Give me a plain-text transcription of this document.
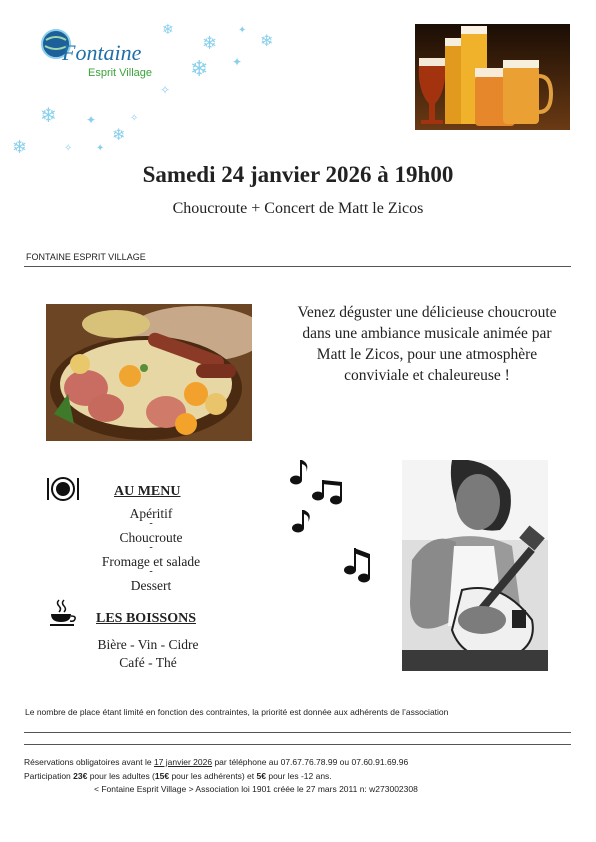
Fontaine
Esprit Village
❄
❄
✦
❄
❄ ✦
✧
❄ ✦
❄
❄	✧ ✦
✧
Samedi 24 janvier 2026 à 19h00
Choucroute + Concert de Matt le Zicos
FONTAINE ESPRIT VILLAGE
Venez déguster une délicieuse choucroute dans une ambiance musicale animée par Matt le Zicos, pour une atmosphère conviviale et chaleureuse !
AU MENU
Apéritif
-
Choucroute
-
Fromage et salade
-
Dessert
LES BOISSONS
Bière - Vin - Cidre
Café - Thé
Le nombre de place étant limité en fonction des contraintes, la priorité est donnée aux adhérents de l’association
Réservations obligatoires avant le 17 janvier 2026 par téléphone au 07.67.76.78.99 ou 07.60.91.69.96
Participation 23€ pour les adultes (15€ pour les adhérents) et 5€ pour les -12 ans.
< Fontaine Esprit Village > Association loi 1901 créée le 27 mars 2011 n: w273002308
